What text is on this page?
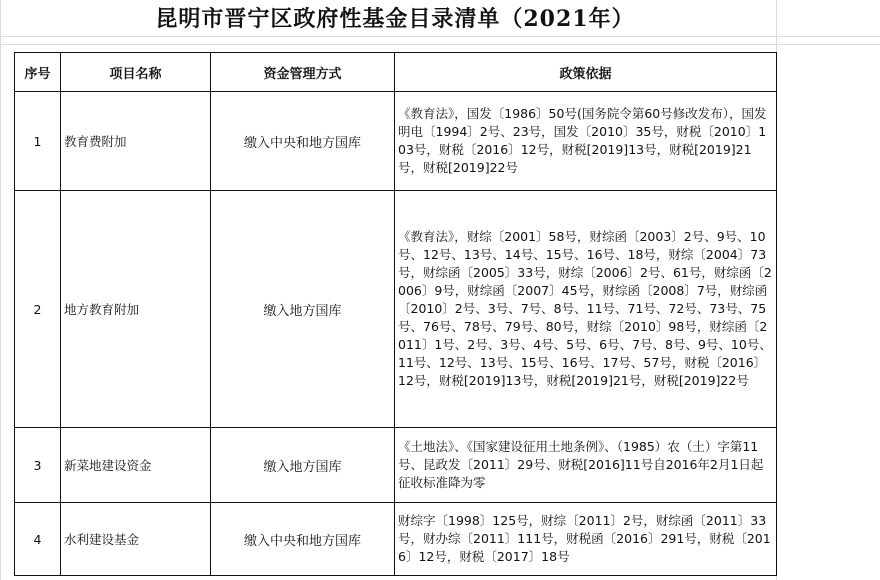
昆明市晋宁区政府性基金目录清单（2021年）
序号	项目名称	资金管理方式	政策依据
1	教育费附加	缴入中央和地方国库	《教育法》，国发〔1986〕50号(国务院令第60号修改发布），国发明电〔1994〕2号、23号，国发〔2010〕35号，财税〔2010〕103号，财税〔2016〕12号，财税[2019]13号，财税[2019]21号，财税[2019]22号
2	地方教育附加	缴入地方国库	《教育法》，财综〔2001〕58号，财综函〔2003〕2号、9号、10号、12号、13号、14号、15号、16号、18号，财综〔2004〕73号，财综函〔2005〕33号，财综〔2006〕2号、61号，财综函〔2006〕9号，财综函〔2007〕45号，财综函〔2008〕7号，财综函〔2010〕2号、3号、7号、8号、11号、71号、72号、73号、75号、76号、78号、79号、80号，财综〔2010〕98号，财综函〔2011〕1号、2号、3号、4号、5号、6号、7号、8号、9号、10号、11号、12号、13号、15号、16号、17号、57号，财税〔2016〕12号，财税[2019]13号，财税[2019]21号，财税[2019]22号
3	新菜地建设资金	缴入地方国库	《土地法》、《国家建设征用土地条例》、（1985）农（土）字第11号、昆政发〔2011〕29号、财税[2016]11号自2016年2月1日起征收标准降为零
4	水利建设基金	缴入中央和地方国库	财综字〔1998〕125号，财综〔2011〕2号，财综函〔2011〕33号，财办综〔2011〕111号，财税函〔2016〕291号，财税〔2016〕12号，财税〔2017〕18号
